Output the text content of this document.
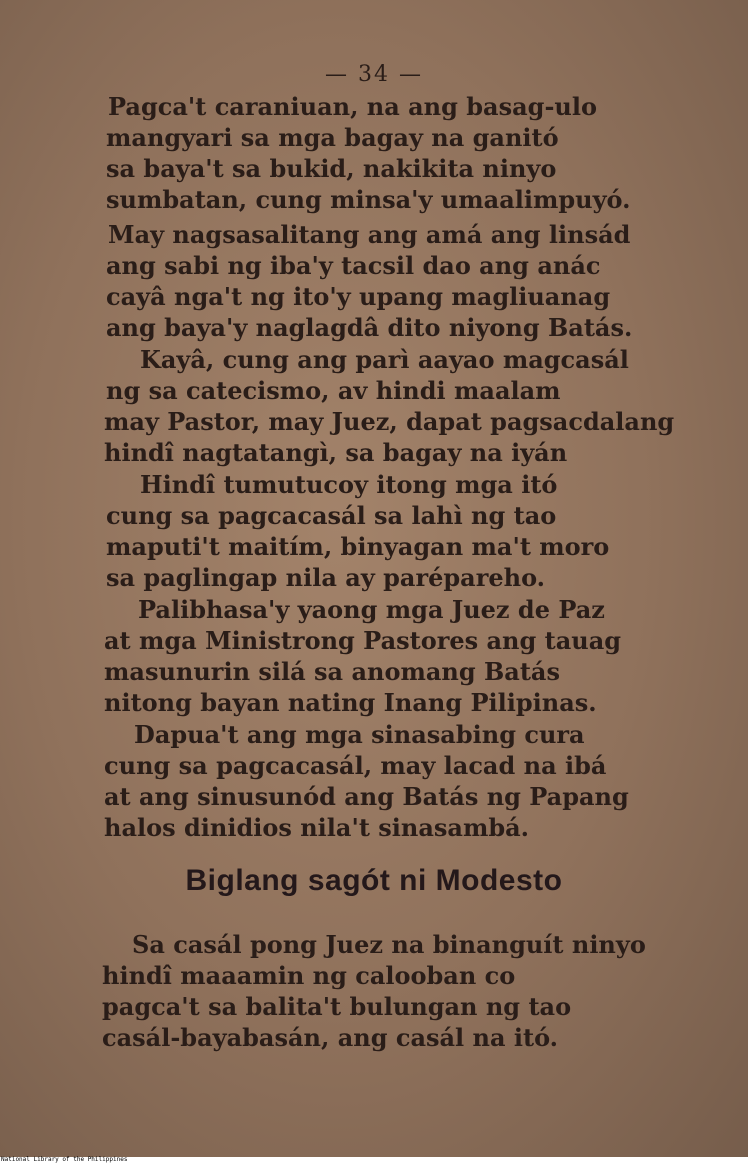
— 34 —
Pagca't caraniuan, na ang basag-ulo
mangyari sa mga bagay na ganitó
sa baya't sa bukid, nakikita ninyo
sumbatan, cung minsa'y umaalimpuyó.
May nagsasalitang ang amá ang linsád
ang sabi ng iba'y tacsil dao ang anác
cayâ nga't ng ito'y upang magliuanag
ang baya'y naglagdâ dito niyong Batás.
Kayâ, cung ang parì aayao magcasál
ng sa catecismo, av hindi maalam
may Pastor, may Juez, dapat pagsacdalang
hindî nagtatangì, sa bagay na iyán
Hindî tumutucoy itong mga itó
cung sa pagcacasál sa lahì ng tao
maputi't maitím, binyagan ma't moro
sa paglingap nila ay parépareho.
Palibhasa'y yaong mga Juez de Paz
at mga Ministrong Pastores ang tauag
masunurin silá sa anomang Batás
nitong bayan nating Inang Pilipinas.
Dapua't ang mga sinasabing cura
cung sa pagcacasál, may lacad na ibá
at ang sinusunód ang Batás ng Papang
halos dinidios nila't sinasambá.
Biglang sagót ni Modesto
Sa casál pong Juez na binanguít ninyo
hindî maaamin ng calooban co
pagca't sa balita't bulungan ng tao
casál-bayabasán, ang casál na itó.
National Library of the Philippines
